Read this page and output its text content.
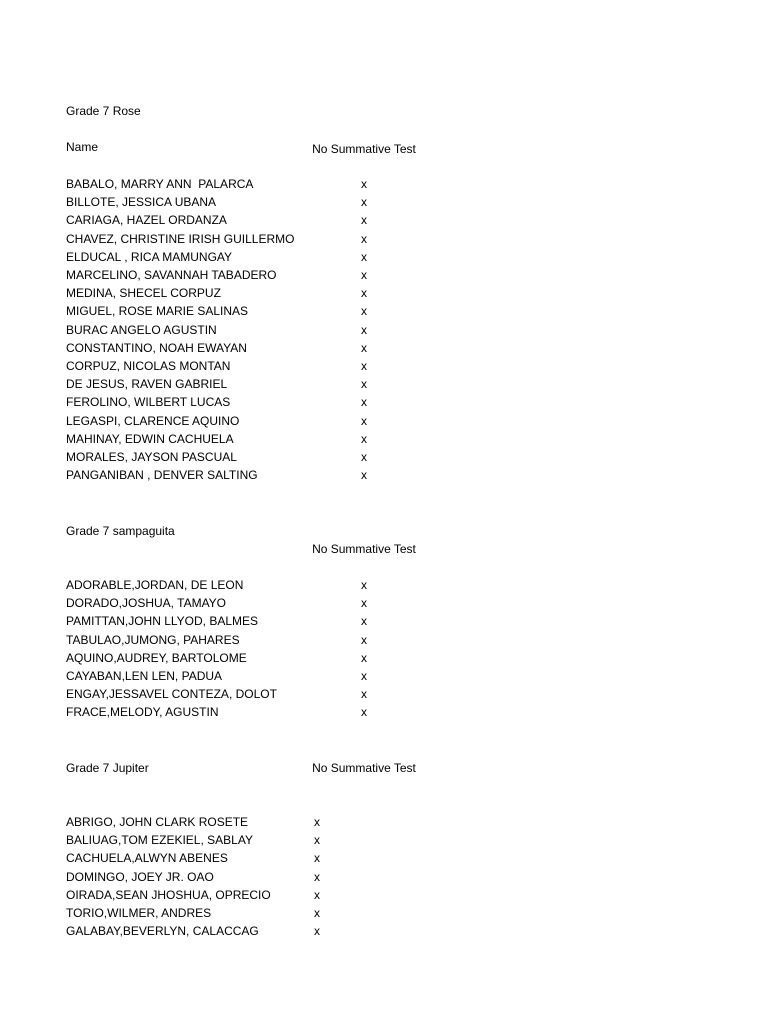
Grade 7 Rose
Name	No Summative Test
BABALO, MARRY ANN  PALARCA	x
BILLOTE, JESSICA UBANA	x
CARIAGA, HAZEL ORDANZA	x
CHAVEZ, CHRISTINE IRISH GUILLERMO	x
ELDUCAL , RICA MAMUNGAY	x
MARCELINO, SAVANNAH TABADERO	x
MEDINA, SHECEL CORPUZ	x
MIGUEL, ROSE MARIE SALINAS	x
BURAC ANGELO AGUSTIN	x
CONSTANTINO, NOAH EWAYAN	x
CORPUZ, NICOLAS MONTAN	x
DE JESUS, RAVEN GABRIEL	x
FEROLINO, WILBERT LUCAS	x
LEGASPI, CLARENCE AQUINO	x
MAHINAY, EDWIN CACHUELA	x
MORALES, JAYSON PASCUAL	x
PANGANIBAN , DENVER SALTING	x
Grade 7 sampaguita
No Summative Test
ADORABLE,JORDAN, DE LEON	x
DORADO,JOSHUA, TAMAYO	x
PAMITTAN,JOHN LLYOD, BALMES	x
TABULAO,JUMONG, PAHARES	x
AQUINO,AUDREY, BARTOLOME	x
CAYABAN,LEN LEN, PADUA	x
ENGAY,JESSAVEL CONTEZA, DOLOT	x
FRACE,MELODY, AGUSTIN	x
Grade 7 Jupiter	No Summative Test
ABRIGO, JOHN CLARK ROSETE	x
BALIUAG,TOM EZEKIEL, SABLAY	x
CACHUELA,ALWYN ABENES	x
DOMINGO, JOEY JR. OAO	x
OIRADA,SEAN JHOSHUA, OPRECIO	x
TORIO,WILMER, ANDRES	x
GALABAY,BEVERLYN, CALACCAG	x
